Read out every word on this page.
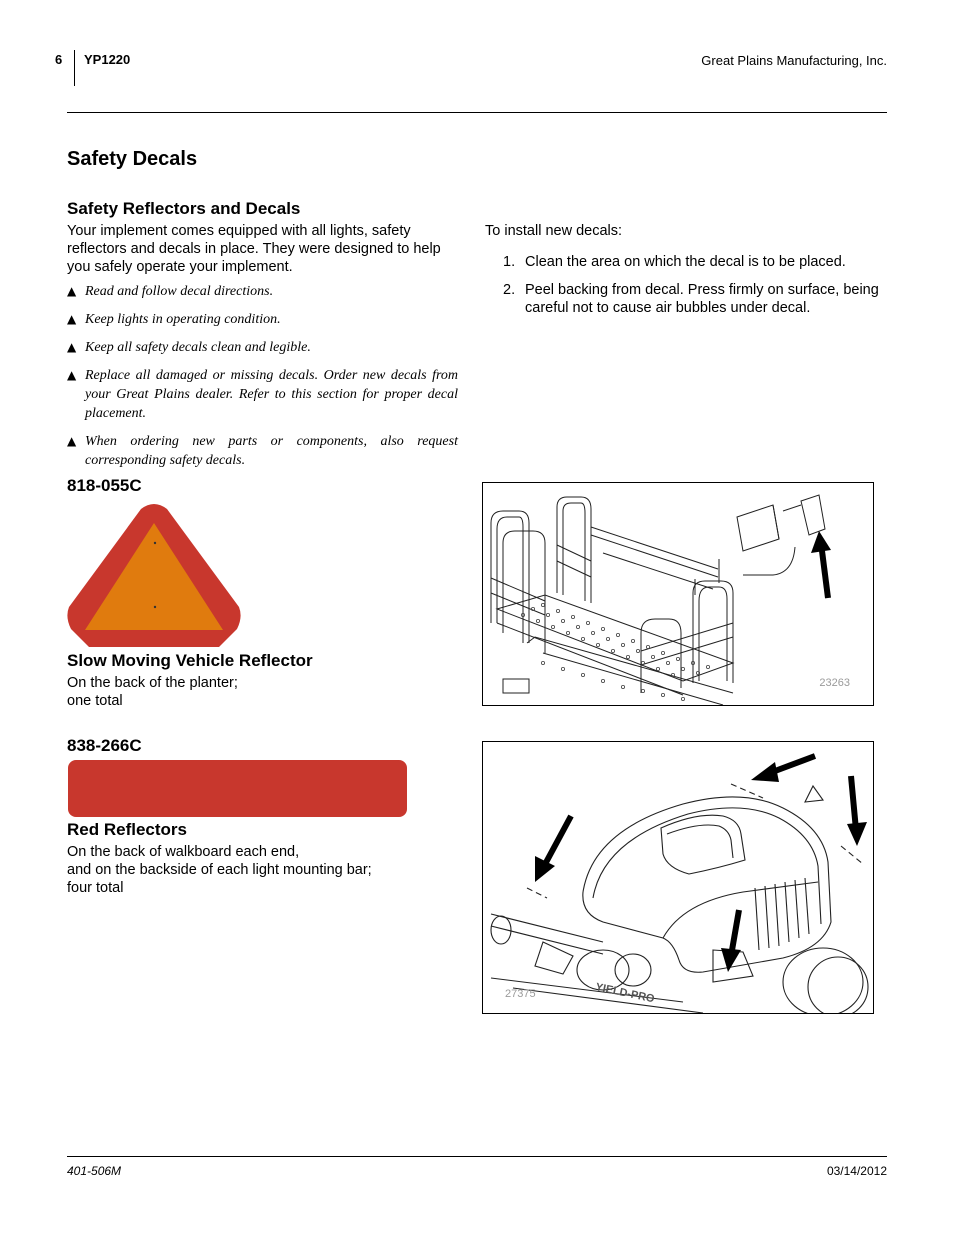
6 YP1220	Great Plains Manufacturing, Inc.
Safety Decals
Safety Reflectors and Decals
Your implement comes equipped with all lights, safety reflectors and decals in place. They were designed to help you safely operate your implement.
▲ Read and follow decal directions.
▲ Keep lights in operating condition.
▲ Keep all safety decals clean and legible.
▲ Replace all damaged or missing decals. Order new decals from your Great Plains dealer. Refer to this section for proper decal placement.
▲ When ordering new parts or components, also request corresponding safety decals.
To install new decals:
1. Clean the area on which the decal is to be placed.
2. Peel backing from decal. Press firmly on surface, being careful not to cause air bubbles under decal.
818-055C
Slow Moving Vehicle Reflector
On the back of the planter;
one total
838-266C
Red Reflectors
On the back of walkboard each end,
and on the backside of each light mounting bar;
four total
23263
YIELD-PRO
27375
401-506M	03/14/2012
